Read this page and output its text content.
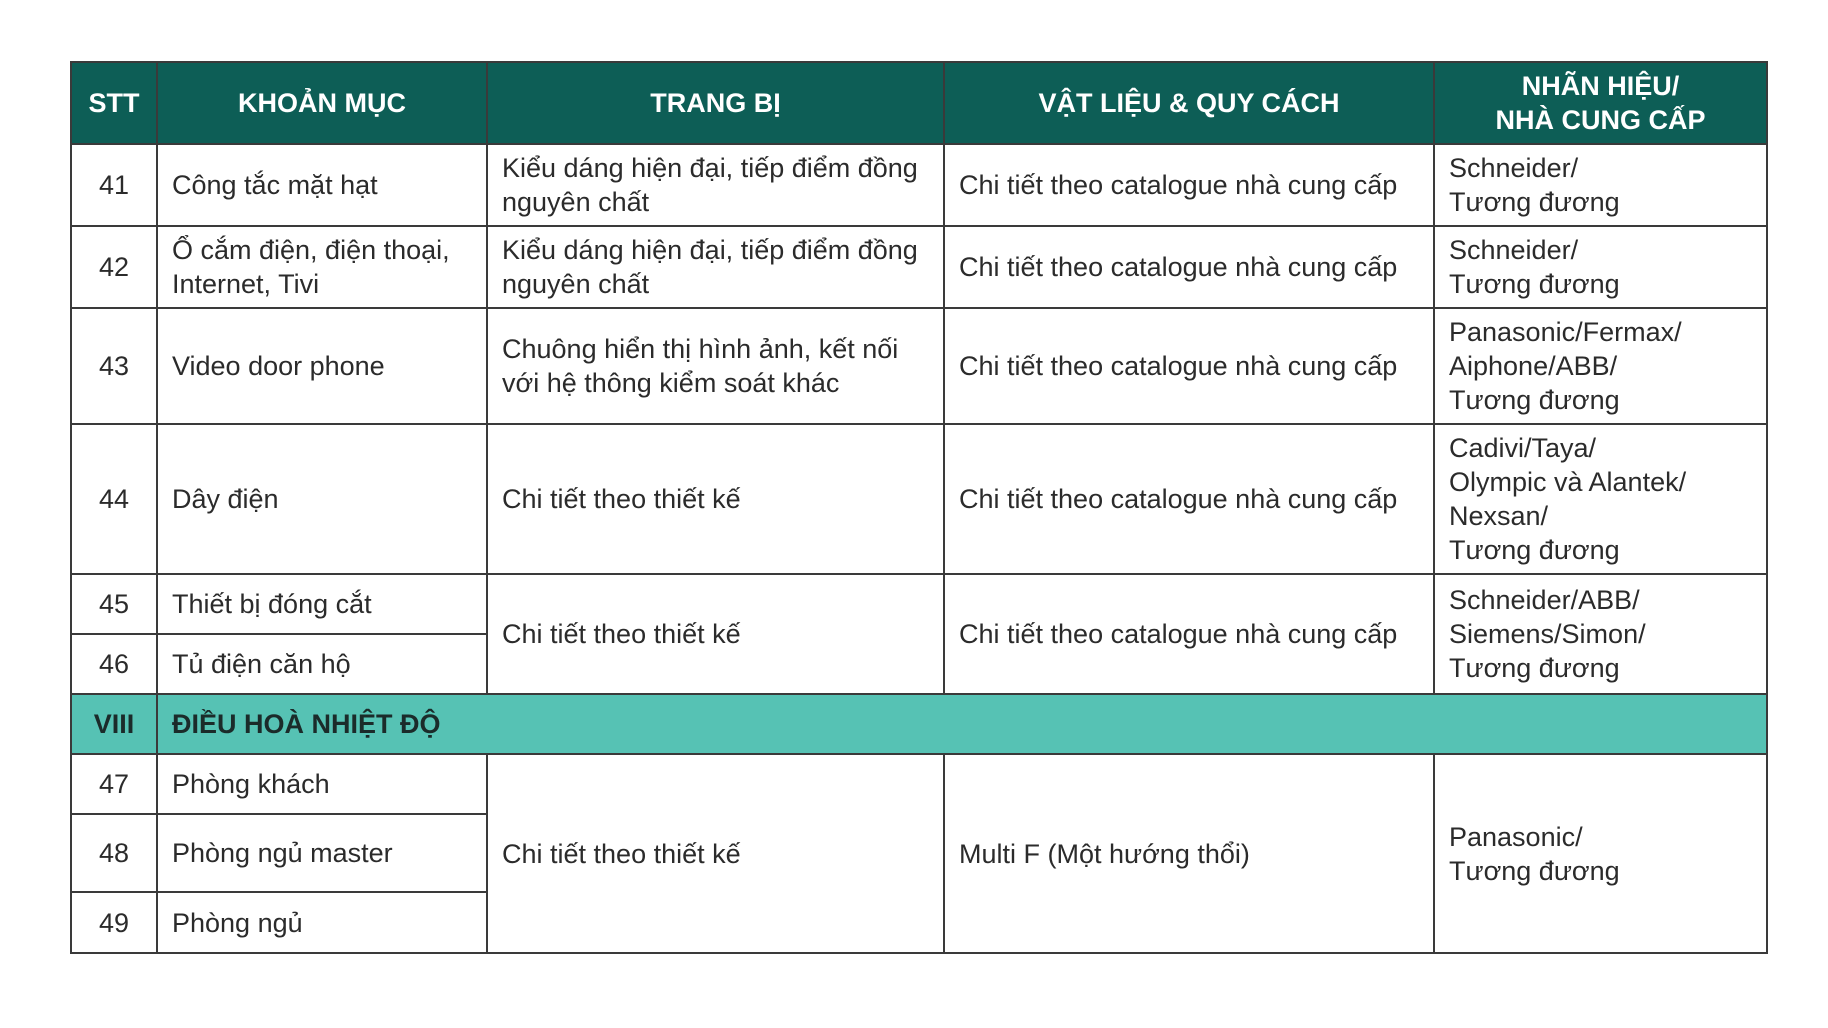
STT	KHOẢN MỤC	TRANG BỊ	VẬT LIỆU & QUY CÁCH	NHÃN HIỆU/
NHÀ CUNG CẤP
41	Công tắc mặt hạt	Kiểu dáng hiện đại, tiếp điểm đồng nguyên chất	Chi tiết theo catalogue nhà cung cấp	Schneider/
Tương đương
42	Ổ cắm điện, điện thoại, Internet, Tivi	Kiểu dáng hiện đại, tiếp điểm đồng nguyên chất	Chi tiết theo catalogue nhà cung cấp	Schneider/
Tương đương
43	Video door phone	Chuông hiển thị hình ảnh, kết nối với hệ thông kiểm soát khác	Chi tiết theo catalogue nhà cung cấp	Panasonic/Fermax/
Aiphone/ABB/
Tương đương
44	Dây điện	Chi tiết theo thiết kế	Chi tiết theo catalogue nhà cung cấp	Cadivi/Taya/
Olympic và Alantek/
Nexsan/
Tương đương
45	Thiết bị đóng cắt	Chi tiết theo thiết kế	Chi tiết theo catalogue nhà cung cấp	Schneider/ABB/
Siemens/Simon/
Tương đương
46	Tủ điện căn hộ			
VIII	ĐIỀU HOÀ NHIỆT ĐỘ			
47	Phòng khách	Chi tiết theo thiết kế	Multi F (Một hướng thổi)	Panasonic/
Tương đương
48	Phòng ngủ master			
49	Phòng ngủ			
